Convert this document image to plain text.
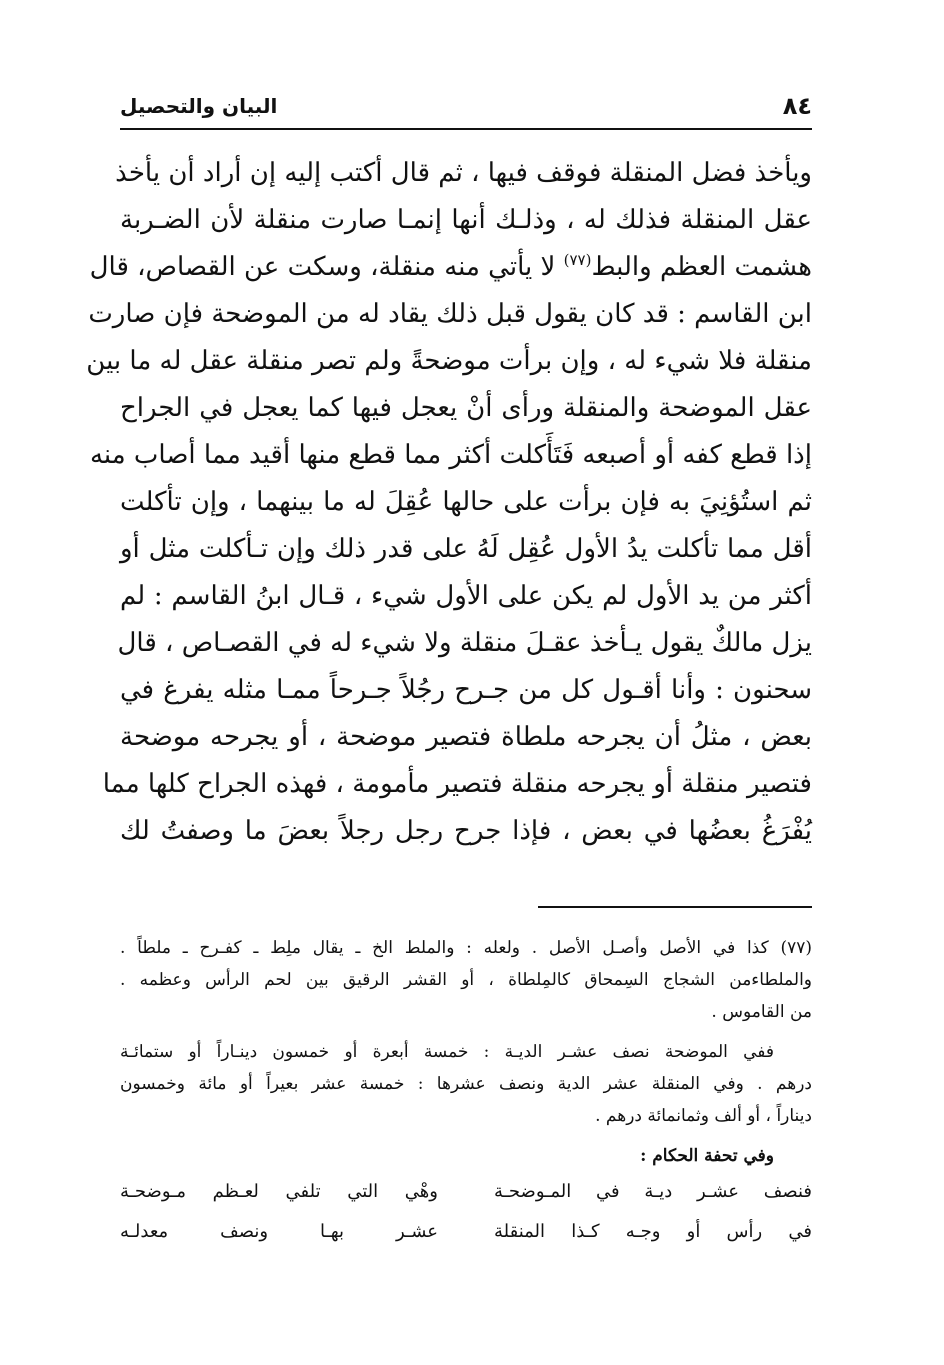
٨٤
البيان والتحصيل
ويأخذ فضل المنقلة فوقف فيها ، ثم قال أكتب إليه إن أراد أن يأخذ
عقل المنقلة فذلك له ، وذلـك أنها إنمـا صارت منقلة لأن الضـربة
هشمت العظم والبط$^{(٧٧)}$ لا يأتي منه منقلة، وسكت عن القصاص، قال
ابن القاسم : قد كان يقول قبل ذلك يقاد له من الموضحة فإن صارت
منقلة فلا شيء له ، وإن برأت موضحةً ولم تصر منقلة عقل له ما بين
عقل الموضحة والمنقلة ورأى أنْ يعجل فيها كما يعجل في الجراح
إذا قطع كفه أو أصبعه فَتَأَكلت أكثر مما قطع منها أقيد مما أصاب منه
ثم استُؤنِيَ به فإن برأت على حالها عُقِلَ له ما بينهما ، وإن تأكلت
أقل مما تأكلت يدُ الأول عُقِل لَهُ على قدر ذلك وإن تـأكلت مثل أو
أكثر من يد الأول لم يكن على الأول شيء ، قـال ابنُ القاسم : لم
يزل مالكٌ يقول يـأخذ عقـلَ منقلة ولا شيء له في القصـاص ، قال
سحنون : وأنا أقـول كل من جـرح رجُلاً جـرحاً ممـا مثله يفرغ في
بعض ، مثلُ أن يجرحه ملطاة فتصير موضحة ، أو يجرحه موضحة
فتصير منقلة أو يجرحه منقلة فتصير مأمومة ، فهذه الجراح كلها مما
يُفْرَغُ بعضُها في بعض ، فإذا جرح رجل رجلاً بعضَ ما وصفتُ لك
(٧٧) كذا في الأصل وأصـل الأصل . ولعله : والملط الخ ـ يقال ملِط ـ كفـرح ـ ملطاً .
والملطاءمن الشجاج السِمحاق كالمِلطاة ، أو القشر الرقيق بين لحم الرأس وعظمه .
من القاموس .
ففي الموضحة نصف عشـر الديـة : خمسة أبعرة أو خمسون دينـاراً أو ستمائـة
درهم . وفي المنقلة عشر الدية ونصف عشرها : خمسة عشر بعيراً أو مائة وخمسون
ديناراً ، أو ألف وثمانمائة درهم .
وفي تحفة الحكام :
فنصف عشـر ديـة في المـوضحـة
وهْي التي تلفي لعـظم مـوضحـة
في رأس أو وجـه كـذا المنقلة
عشـر بهـا ونصف معدلـه
